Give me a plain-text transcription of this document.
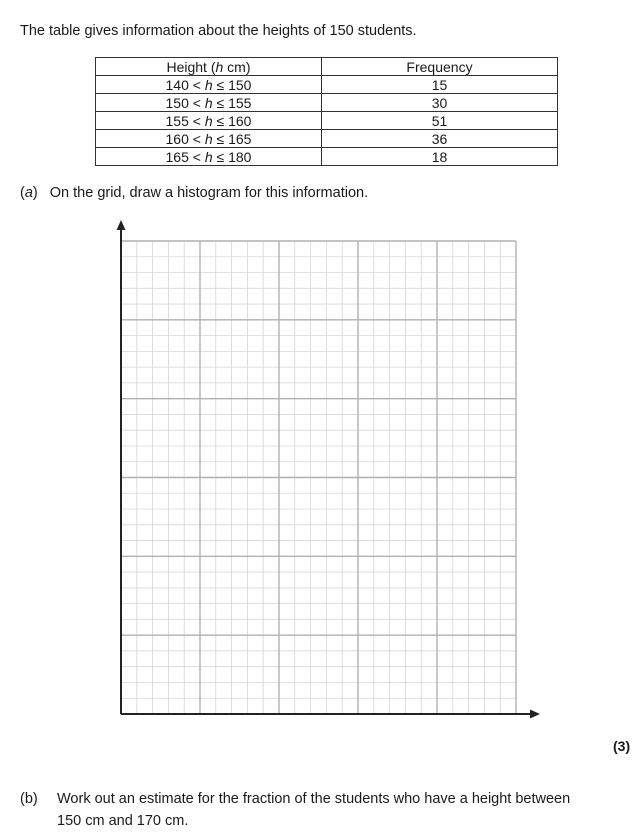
The table gives information about the heights of 150 students.
Height (h cm)	Frequency
140 < h ≤ 150	15
150 < h ≤ 155	30
155 < h ≤ 160	51
160 < h ≤ 165	36
165 < h ≤ 180	18
(a) On the grid, draw a histogram for this information.
(3)
(b) Work out an estimate for the fraction of the students who have a height between
150 cm and 170 cm.
